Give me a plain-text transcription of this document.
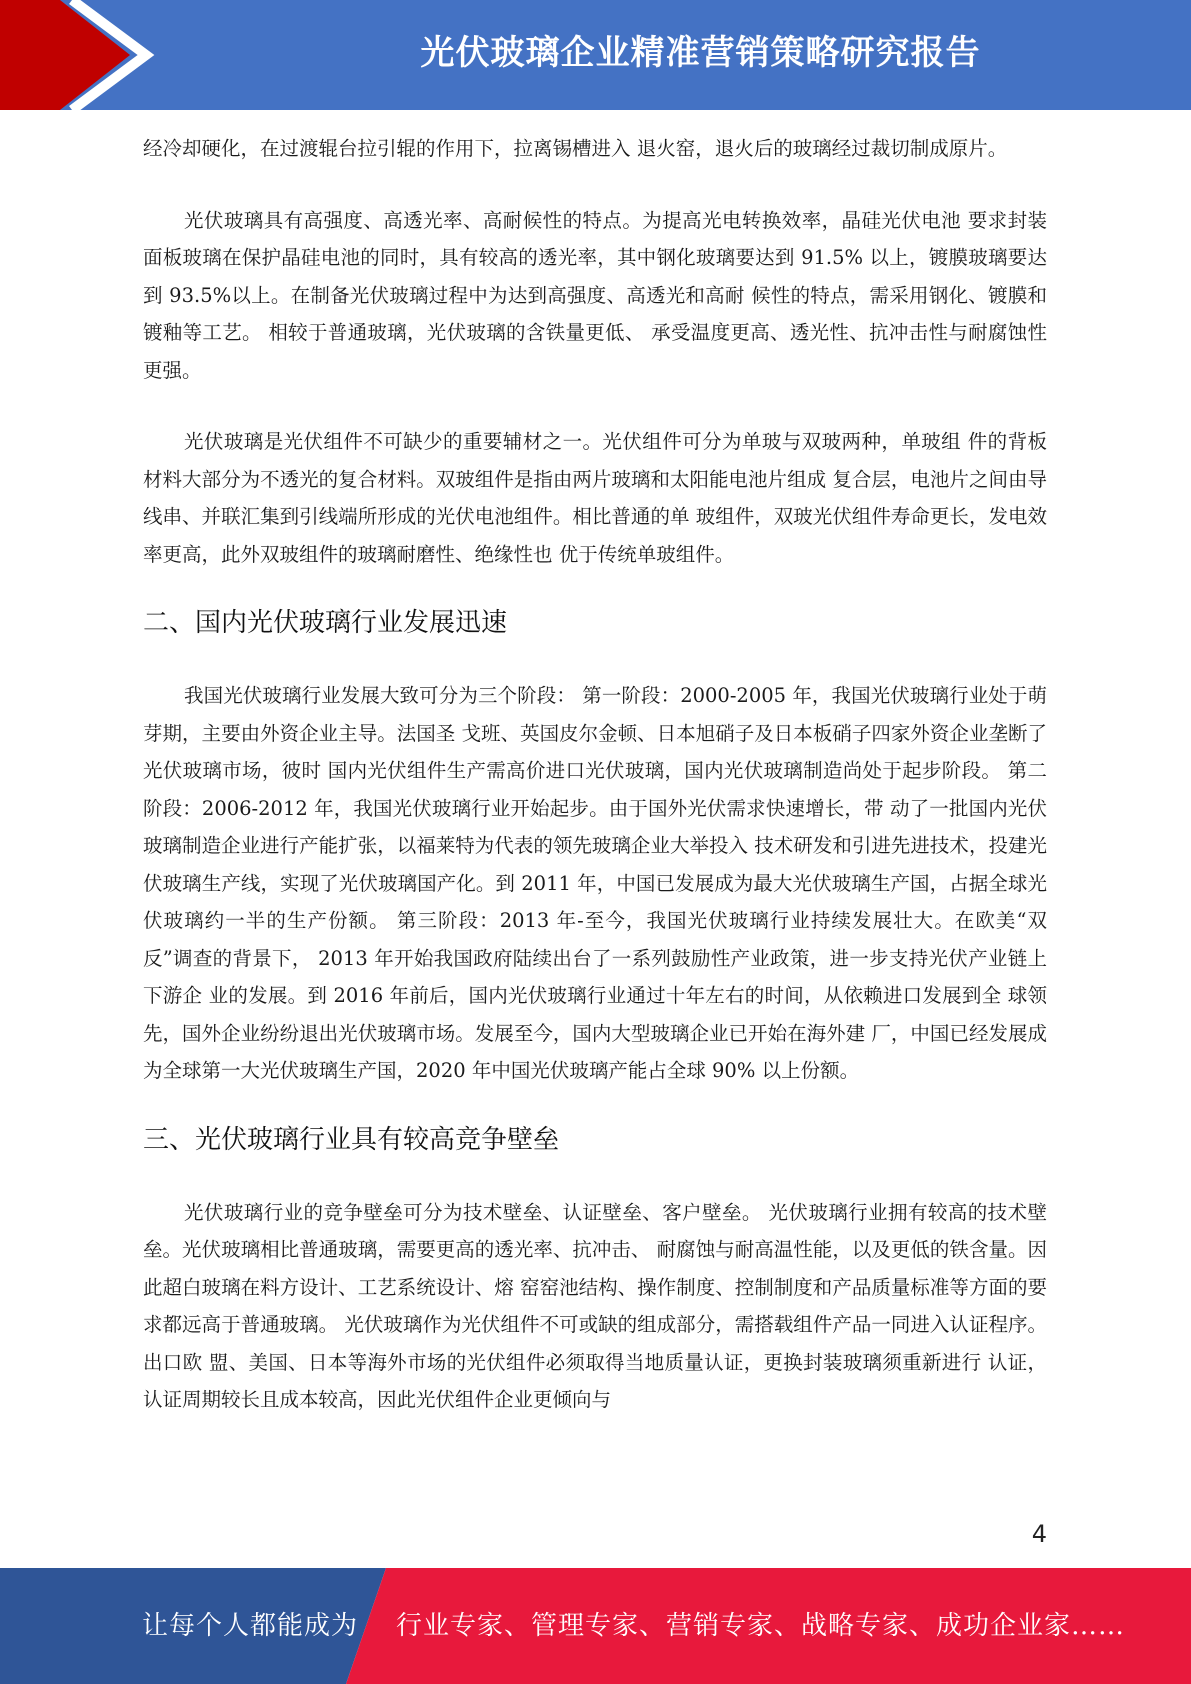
光伏玻璃企业精准营销策略研究报告

经冷却硬化，在过渡辊台拉引辊的作用下，拉离锡槽进入 退火窑，退火后的玻璃经过裁切制成原片。

光伏玻璃具有高强度、高透光率、高耐候性的特点。为提高光电转换效率，晶硅光伏电池 要求封装面板玻璃在保护晶硅电池的同时，具有较高的透光率，其中钢化玻璃要达到 91.5% 以上，镀膜玻璃要达到 93.5%以上。在制备光伏玻璃过程中为达到高强度、高透光和高耐 候性的特点，需采用钢化、镀膜和镀釉等工艺。 相较于普通玻璃，光伏玻璃的含铁量更低、 承受温度更高、透光性、抗冲击性与耐腐蚀性更强。

光伏玻璃是光伏组件不可缺少的重要辅材之一。光伏组件可分为单玻与双玻两种，单玻组 件的背板材料大部分为不透光的复合材料。双玻组件是指由两片玻璃和太阳能电池片组成 复合层，电池片之间由导线串、并联汇集到引线端所形成的光伏电池组件。相比普通的单 玻组件，双玻光伏组件寿命更长，发电效率更高，此外双玻组件的玻璃耐磨性、绝缘性也 优于传统单玻组件。

二、国内光伏玻璃行业发展迅速

我国光伏玻璃行业发展大致可分为三个阶段： 第一阶段：2000-2005 年，我国光伏玻璃行业处于萌芽期，主要由外资企业主导。法国圣 戈班、英国皮尔金顿、日本旭硝子及日本板硝子四家外资企业垄断了光伏玻璃市场，彼时 国内光伏组件生产需高价进口光伏玻璃，国内光伏玻璃制造尚处于起步阶段。 第二阶段：2006-2012 年，我国光伏玻璃行业开始起步。由于国外光伏需求快速增长，带 动了一批国内光伏玻璃制造企业进行产能扩张，以福莱特为代表的领先玻璃企业大举投入 技术研发和引进先进技术，投建光伏玻璃生产线，实现了光伏玻璃国产化。到 2011 年，中国已发展成为最大光伏玻璃生产国，占据全球光伏玻璃约一半的生产份额。 第三阶段：2013 年-至今，我国光伏玻璃行业持续发展壮大。在欧美“双反”调查的背景下， 2013 年开始我国政府陆续出台了一系列鼓励性产业政策，进一步支持光伏产业链上下游企 业的发展。到 2016 年前后，国内光伏玻璃行业通过十年左右的时间，从依赖进口发展到全 球领先，国外企业纷纷退出光伏玻璃市场。发展至今，国内大型玻璃企业已开始在海外建 厂，中国已经发展成为全球第一大光伏玻璃生产国，2020 年中国光伏玻璃产能占全球 90% 以上份额。

三、光伏玻璃行业具有较高竞争壁垒

光伏玻璃行业的竞争壁垒可分为技术壁垒、认证壁垒、客户壁垒。 光伏玻璃行业拥有较高的技术壁垒。光伏玻璃相比普通玻璃，需要更高的透光率、抗冲击、 耐腐蚀与耐高温性能，以及更低的铁含量。因此超白玻璃在料方设计、工艺系统设计、熔 窑窑池结构、操作制度、控制制度和产品质量标准等方面的要求都远高于普通玻璃。 光伏玻璃作为光伏组件不可或缺的组成部分，需搭载组件产品一同进入认证程序。出口欧 盟、美国、日本等海外市场的光伏组件必须取得当地质量认证，更换封装玻璃须重新进行 认证，认证周期较长且成本较高，因此光伏组件企业更倾向与

4
让每个人都能成为 行业专家、管理专家、营销专家、战略专家、成功企业家……
